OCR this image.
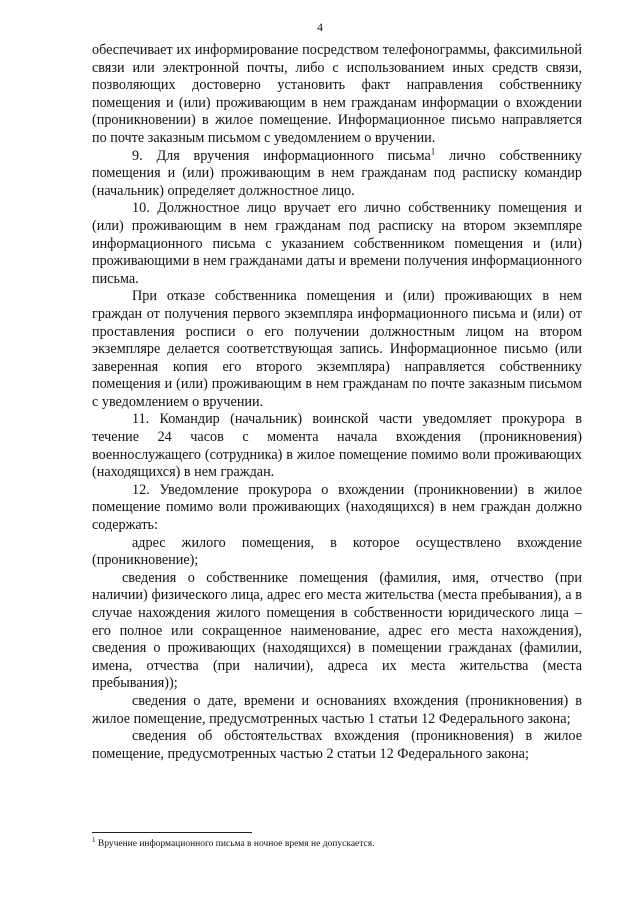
4

обеспечивает их информирование посредством телефонограммы, факсимильной связи или электронной почты, либо с использованием иных средств связи, позволяющих достоверно установить факт направления собственнику помещения и (или) проживающим в нем гражданам информации о вхождении (проникновении) в жилое помещение. Информационное письмо направляется по почте заказным письмом с уведомлением о вручении.

9. Для вручения информационного письма$^1$ лично собственнику помещения и (или) проживающим в нем гражданам под расписку командир (начальник) определяет должностное лицо.

10. Должностное лицо вручает его лично собственнику помещения и (или) проживающим в нем гражданам под расписку на втором экземпляре информационного письма с указанием собственником помещения и (или) проживающими в нем гражданами даты и времени получения информационного письма.

При отказе собственника помещения и (или) проживающих в нем граждан от получения первого экземпляра информационного письма и (или) от проставления росписи о его получении должностным лицом на втором экземпляре делается соответствующая запись. Информационное письмо (или заверенная копия его второго экземпляра) направляется собственнику помещения и (или) проживающим в нем гражданам по почте заказным письмом с уведомлением о вручении.

11. Командир (начальник) воинской части уведомляет прокурора в течение 24 часов с момента начала вхождения (проникновения) военнослужащего (сотрудника) в жилое помещение помимо воли проживающих (находящихся) в нем граждан.

12. Уведомление прокурора о вхождении (проникновении) в жилое помещение помимо воли проживающих (находящихся) в нем граждан должно содержать:

адрес жилого помещения, в которое осуществлено вхождение (проникновение);

сведения о собственнике помещения (фамилия, имя, отчество (при наличии) физического лица, адрес его места жительства (места пребывания), а в случае нахождения жилого помещения в собственности юридического лица – его полное или сокращенное наименование, адрес его места нахождения), сведения о проживающих (находящихся) в помещении гражданах (фамилии, имена, отчества (при наличии), адреса их места жительства (места пребывания));

сведения о дате, времени и основаниях вхождения (проникновения) в жилое помещение, предусмотренных частью 1 статьи 12 Федерального закона;

сведения об обстоятельствах вхождения (проникновения) в жилое помещение, предусмотренных частью 2 статьи 12 Федерального закона;

$^1$ Вручение информационного письма в ночное время не допускается.
